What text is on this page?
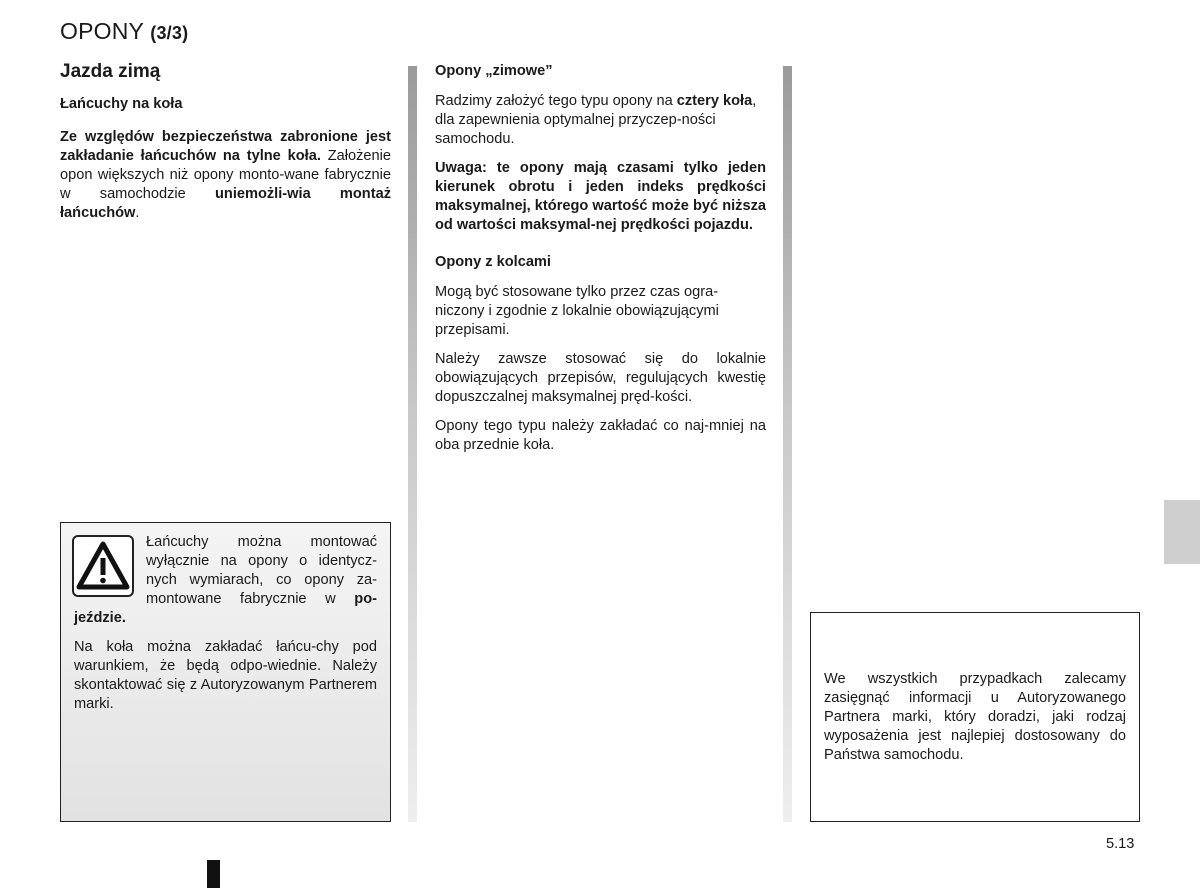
OPONY (3/3)
Jazda zimą
Łańcuchy na koła

Ze względów bezpieczeństwa zabronione jest zakładanie łańcuchów na tylne koła. Założenie opon większych niż opony monto-wane fabrycznie w samochodzie uniemożli-wia montaż łańcuchów.

Łańcuchy można montować wyłącznie na opony o identycz-nych wymiarach, co opony za-montowane fabrycznie w po-jeździe.

Na koła można zakładać łańcu-chy pod warunkiem, że będą odpo-wiednie. Należy skontaktować się z Autoryzowanym Partnerem marki.

Opony „zimowe”

Radzimy założyć tego typu opony na cztery koła, dla zapewnienia optymalnej przyczep-ności samochodu.

Uwaga: te opony mają czasami tylko jeden kierunek obrotu i jeden indeks prędkości maksymalnej, którego wartość może być niższa od wartości maksymal-nej prędkości pojazdu.

Opony z kolcami

Mogą być stosowane tylko przez czas ogra-niczony i zgodnie z lokalnie obowiązującymi przepisami.

Należy zawsze stosować się do lokalnie obowiązujących przepisów, regulujących kwestię dopuszczalnej maksymalnej pręd-kości.

Opony tego typu należy zakładać co naj-mniej na oba przednie koła.

We wszystkich przypadkach zalecamy zasięgnąć informacji u Autoryzowanego Partnera marki, który doradzi, jaki rodzaj wyposażenia jest najlepiej dostosowany do Państwa samochodu.

5.13
